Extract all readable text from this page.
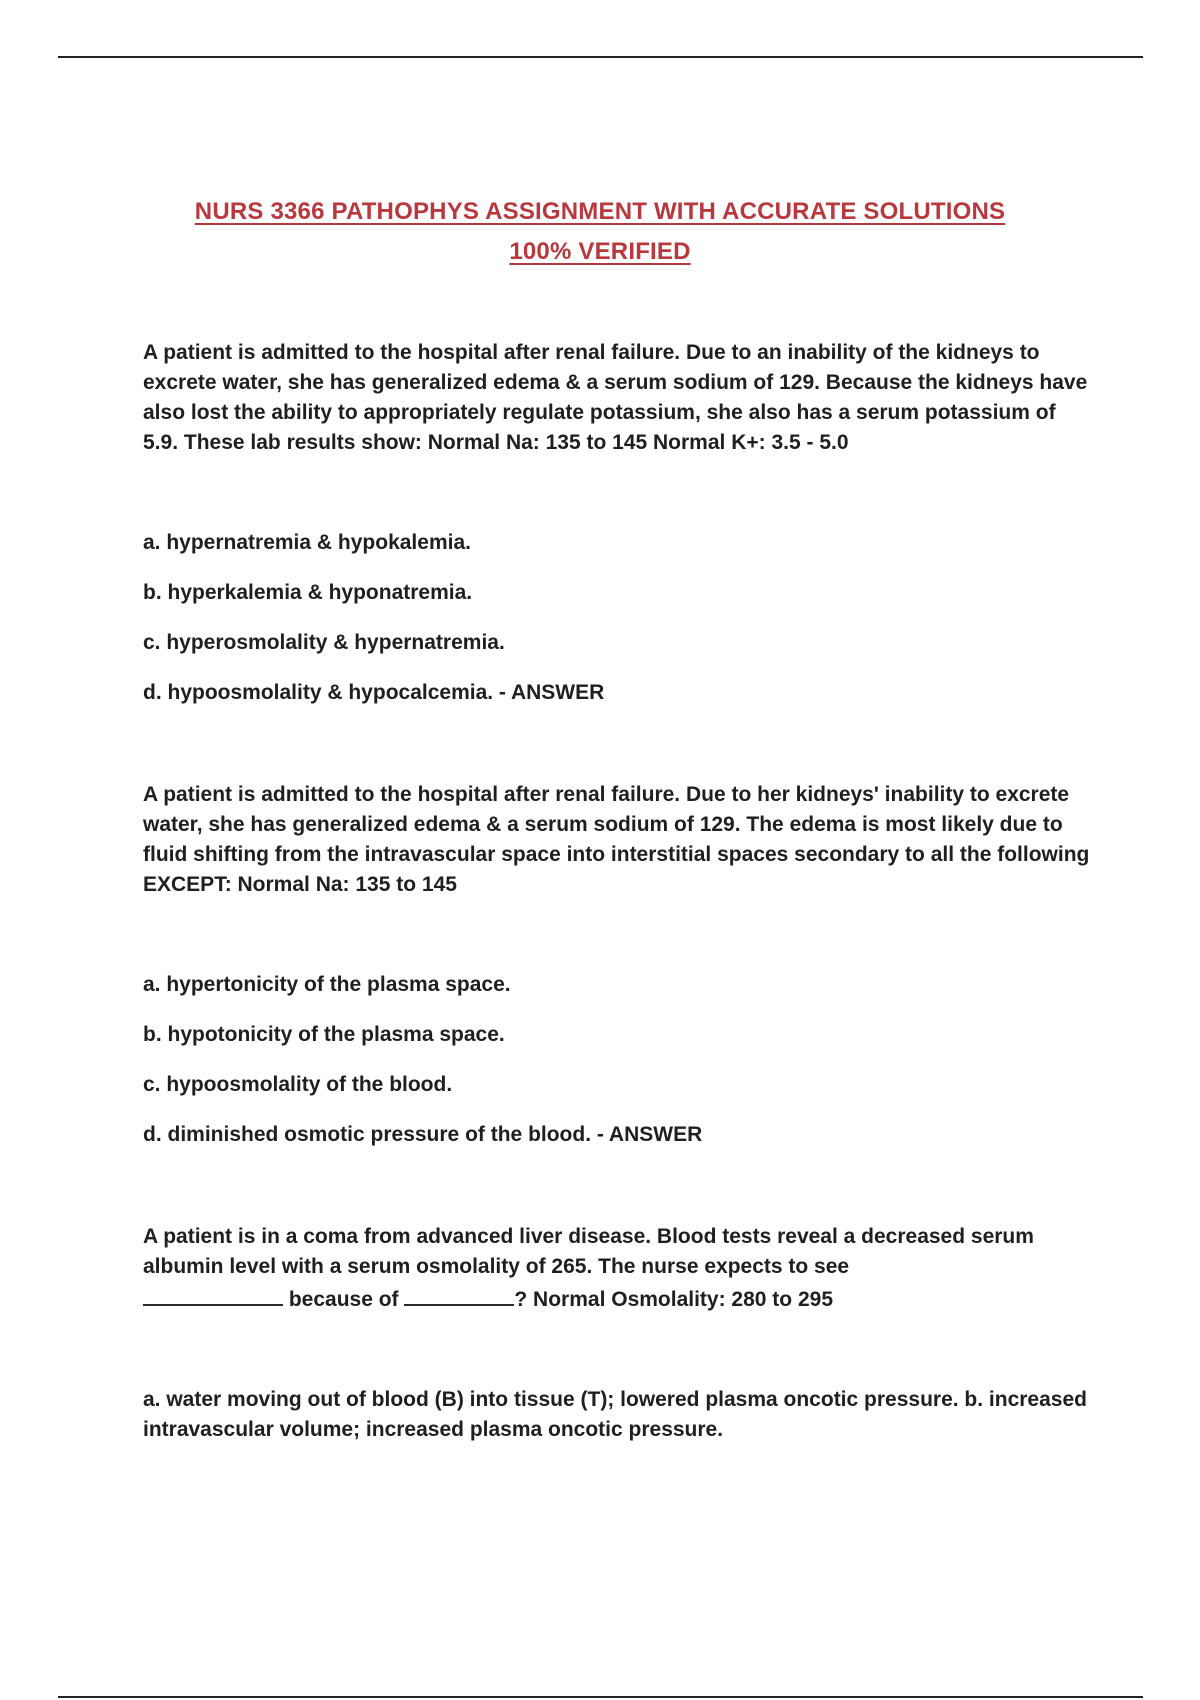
NURS 3366 PATHOPHYS ASSIGNMENT WITH ACCURATE SOLUTIONS
100% VERIFIED

A patient is admitted to the hospital after renal failure. Due to an inability of the kidneys to excrete water, she has generalized edema & a serum sodium of 129. Because the kidneys have also lost the ability to appropriately regulate potassium, she also has a serum potassium of 5.9. These lab results show: Normal Na: 135 to 145 Normal K+: 3.5 - 5.0

a. hypernatremia & hypokalemia.

b. hyperkalemia & hyponatremia.

c. hyperosmolality & hypernatremia.

d. hypoosmolality & hypocalcemia. - ANSWER

A patient is admitted to the hospital after renal failure. Due to her kidneys' inability to excrete water, she has generalized edema & a serum sodium of 129. The edema is most likely due to fluid shifting from the intravascular space into interstitial spaces secondary to all the following EXCEPT: Normal Na: 135 to 145

a. hypertonicity of the plasma space.

b. hypotonicity of the plasma space.

c. hypoosmolality of the blood.

d. diminished osmotic pressure of the blood. - ANSWER

A patient is in a coma from advanced liver disease. Blood tests reveal a decreased serum albumin level with a serum osmolality of 265. The nurse expects to see
because of	? Normal Osmolality: 280 to 295

a. water moving out of blood (B) into tissue (T); lowered plasma oncotic pressure. b. increased intravascular volume; increased plasma oncotic pressure.
